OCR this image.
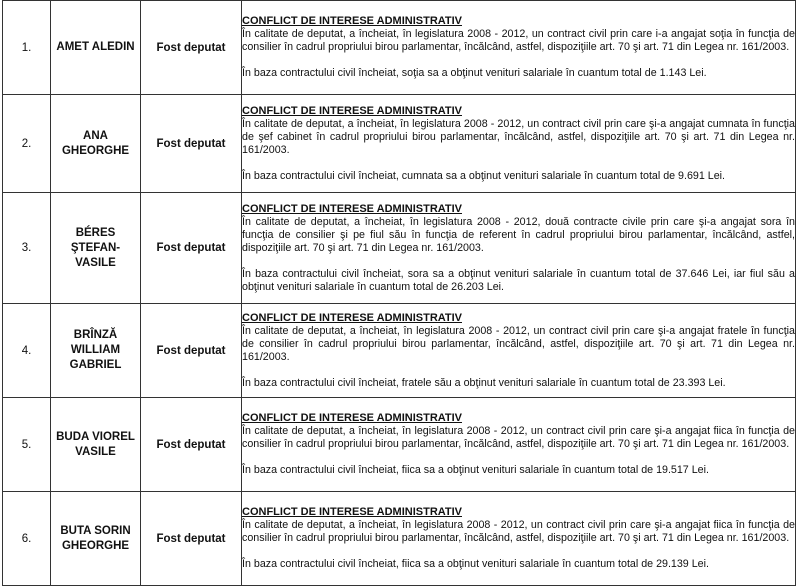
1.	AMET ALEDIN	Fost deputat	CONFLICT DE INTERESE ADMINISTRATIV
În calitate de deputat, a încheiat, în legislatura 2008 - 2012, un contract civil prin care i-a angajat soţia în funcţia de consilier în cadrul propriului birou parlamentar, încălcând, astfel, dispoziţiile art. 70 şi art. 71 din Legea nr. 161/2003.
În baza contractului civil încheiat, soţia sa a obţinut venituri salariale în cuantum total de 1.143 Lei.

2.	ANA GHEORGHE	Fost deputat	CONFLICT DE INTERESE ADMINISTRATIV
În calitate de deputat, a încheiat, în legislatura 2008 - 2012, un contract civil prin care şi-a angajat cumnata în funcţia de şef cabinet în cadrul propriului birou parlamentar, încălcând, astfel, dispoziţiile art. 70 şi art. 71 din Legea nr. 161/2003.
În baza contractului civil încheiat, cumnata sa a obţinut venituri salariale în cuantum total de 9.691 Lei.

3.	BÉRES ŞTEFAN-VASILE	Fost deputat	CONFLICT DE INTERESE ADMINISTRATIV
În calitate de deputat, a încheiat, în legislatura 2008 - 2012, două contracte civile prin care şi-a angajat sora în funcţia de consilier şi pe fiul său în funcţia de referent în cadrul propriului birou parlamentar, încălcând, astfel, dispoziţiile art. 70 şi art. 71 din Legea nr. 161/2003.
În baza contractului civil încheiat, sora sa a obţinut venituri salariale în cuantum total de 37.646 Lei, iar fiul său a obţinut venituri salariale în cuantum total de 26.203 Lei.

4.	BRÎNZĂ WILLIAM GABRIEL	Fost deputat	CONFLICT DE INTERESE ADMINISTRATIV
În calitate de deputat, a încheiat, în legislatura 2008 - 2012, un contract civil prin care şi-a angajat fratele în funcţia de consilier în cadrul propriului birou parlamentar, încălcând, astfel, dispoziţiile art. 70 şi art. 71 din Legea nr. 161/2003.
În baza contractului civil încheiat, fratele său a obţinut venituri salariale în cuantum total de 23.393 Lei.

5.	BUDA VIOREL VASILE	Fost deputat	CONFLICT DE INTERESE ADMINISTRATIV
În calitate de deputat, a încheiat, în legislatura 2008 - 2012, un contract civil prin care şi-a angajat fiica în funcţia de consilier în cadrul propriului birou parlamentar, încălcând, astfel, dispoziţiile art. 70 şi art. 71 din Legea nr. 161/2003.
În baza contractului civil încheiat, fiica sa a obţinut venituri salariale în cuantum total de 19.517 Lei.

6.	BUTA SORIN GHEORGHE	Fost deputat	CONFLICT DE INTERESE ADMINISTRATIV
În calitate de deputat, a încheiat, în legislatura 2008 - 2012, un contract civil prin care şi-a angajat fiica în funcţia de consilier în cadrul propriului birou parlamentar, încălcând, astfel, dispoziţiile art. 70 şi art. 71 din Legea nr. 161/2003.
În baza contractului civil încheiat, fiica sa a obţinut venituri salariale în cuantum total de 29.139 Lei.
